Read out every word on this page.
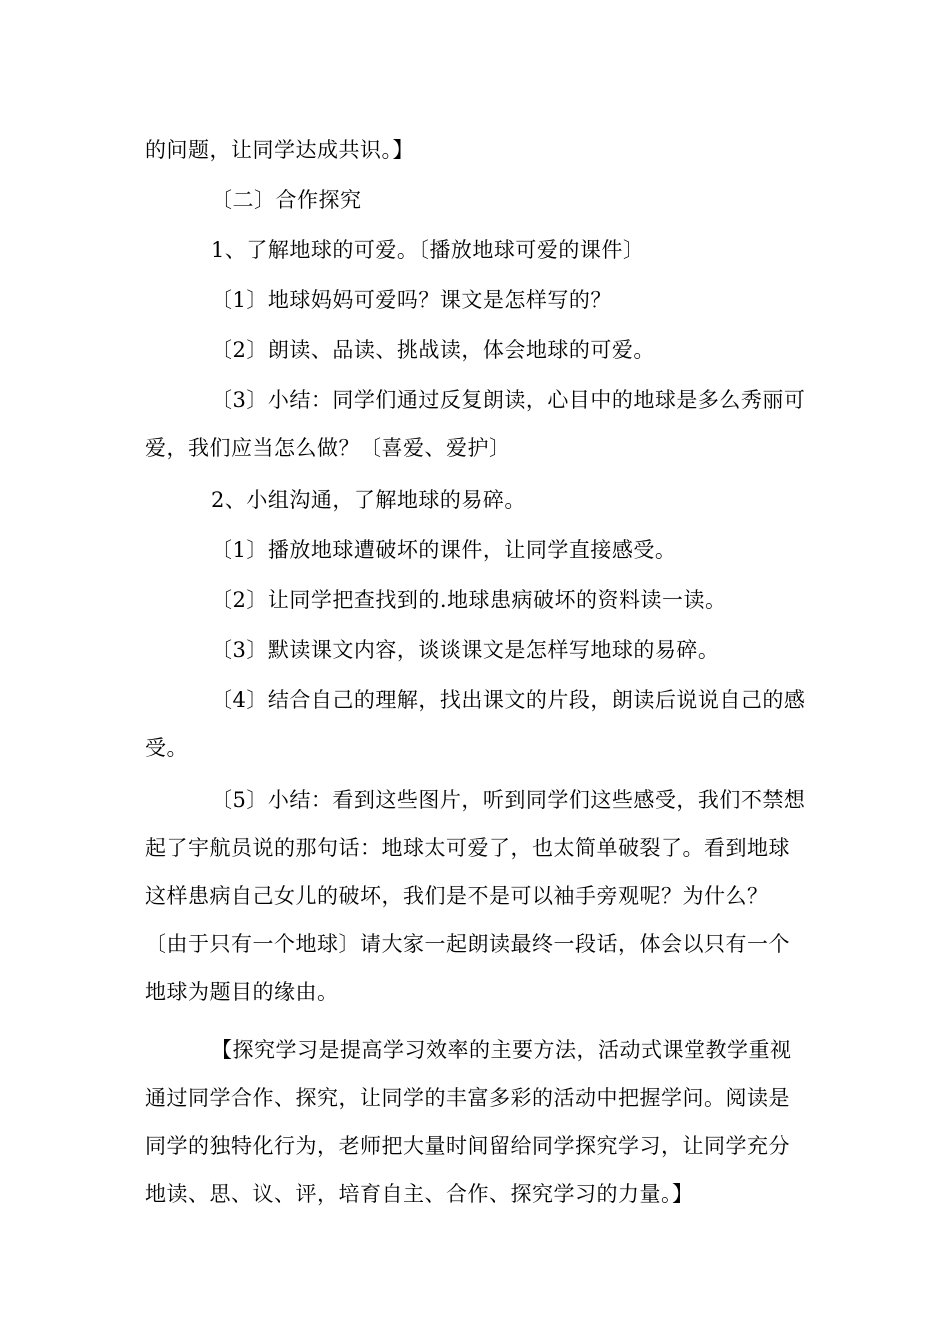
的问题，让同学达成共识。】

〔二〕合作探究

1、了解地球的可爱。〔播放地球可爱的课件〕

〔1〕地球妈妈可爱吗？课文是怎样写的？

〔2〕朗读、品读、挑战读，体会地球的可爱。

〔3〕小结：同学们通过反复朗读，心目中的地球是多么秀丽可爱，我们应当怎么做？〔喜爱、爱护〕

2、小组沟通，了解地球的易碎。

〔1〕播放地球遭破坏的课件，让同学直接感受。

〔2〕让同学把查找到的.地球患病破坏的资料读一读。

〔3〕默读课文内容，谈谈课文是怎样写地球的易碎。

〔4〕结合自己的理解，找出课文的片段，朗读后说说自己的感受。

〔5〕小结：看到这些图片，听到同学们这些感受，我们不禁想起了宇航员说的那句话：地球太可爱了，也太简单破裂了。看到地球这样患病自己女儿的破坏，我们是不是可以袖手旁观呢？为什么？〔由于只有一个地球〕请大家一起朗读最终一段话，体会以只有一个地球为题目的缘由。

【探究学习是提高学习效率的主要方法，活动式课堂教学重视通过同学合作、探究，让同学的丰富多彩的活动中把握学问。阅读是同学的独特化行为，老师把大量时间留给同学探究学习，让同学充分地读、思、议、评，培育自主、合作、探究学习的力量。】
